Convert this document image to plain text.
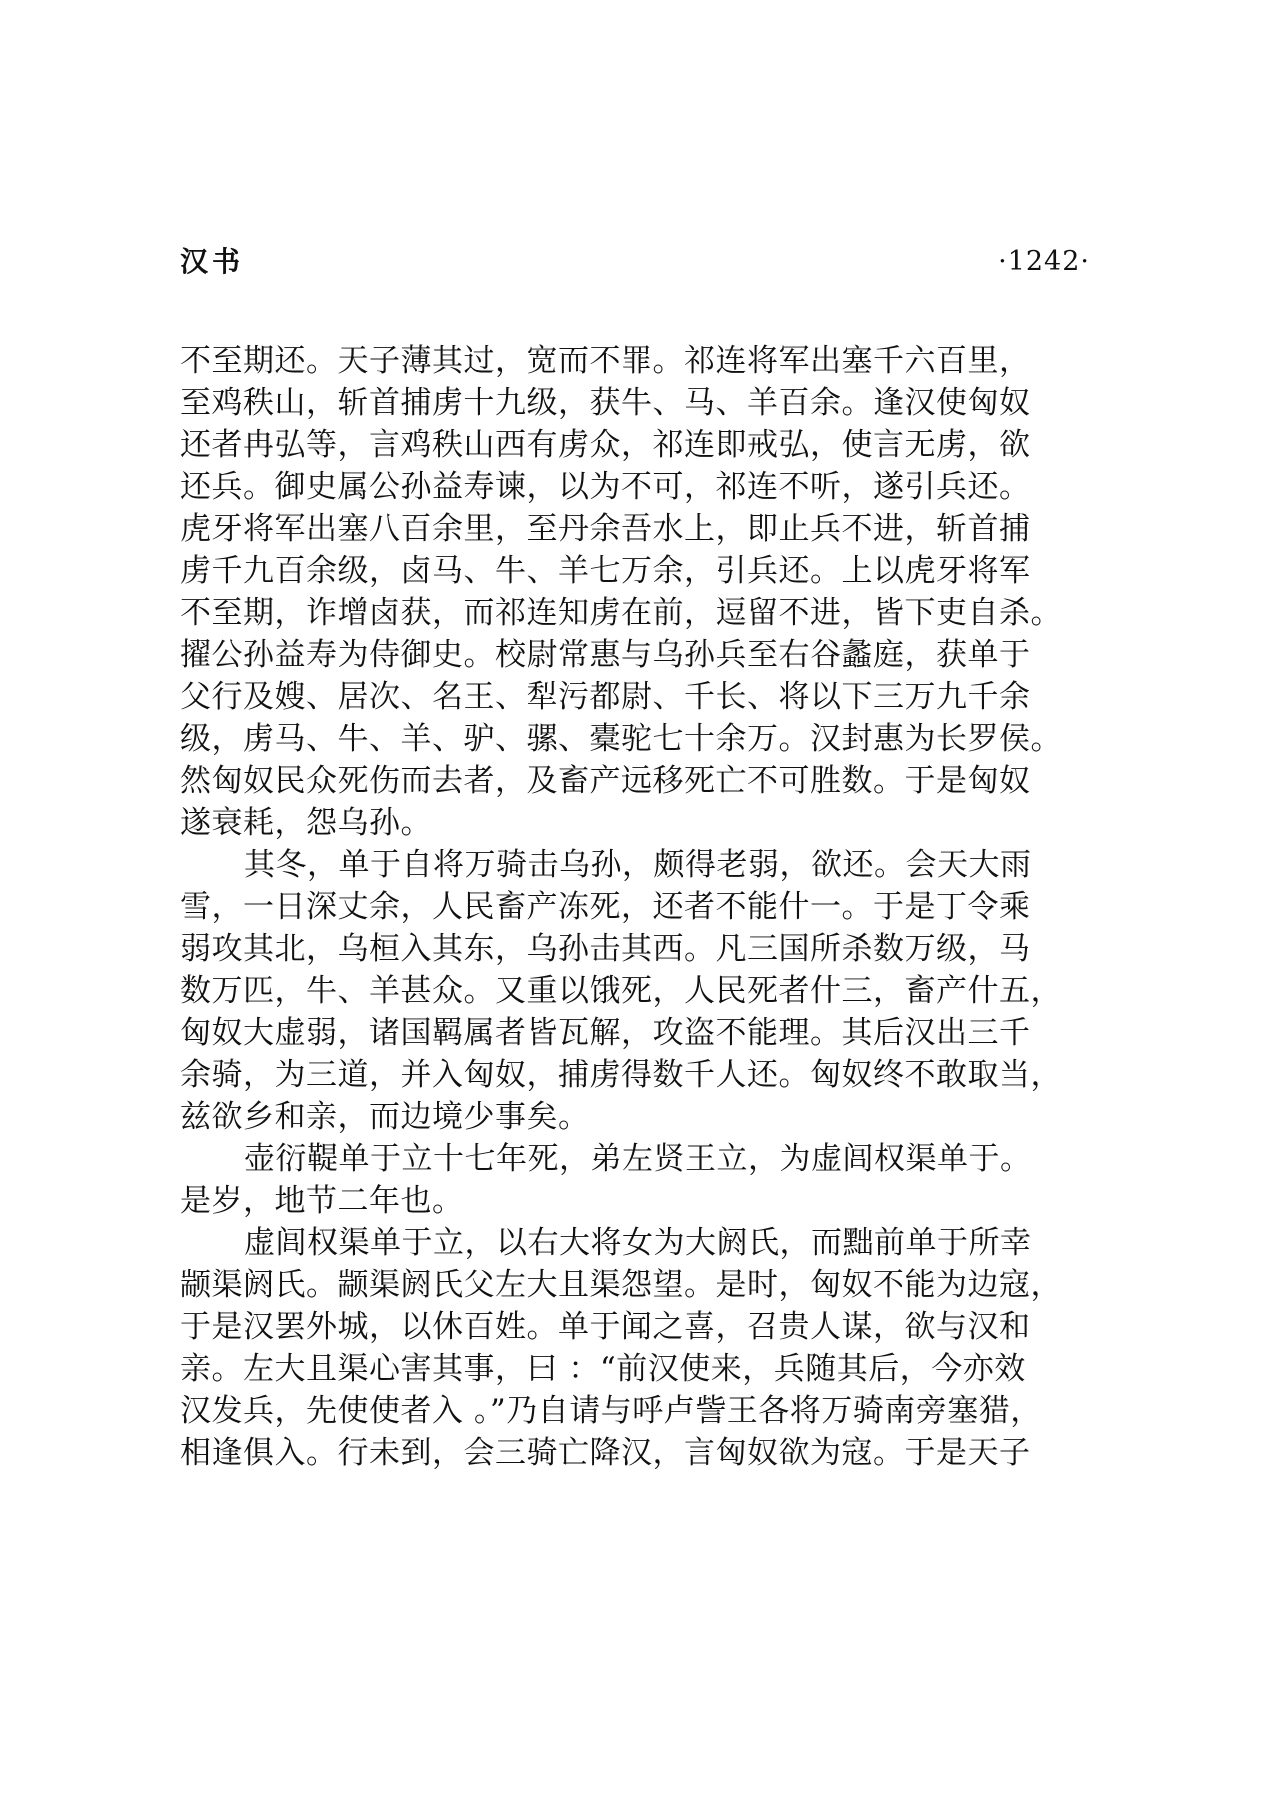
汉书	·1242·
不至期还。天子薄其过，宽而不罪。祁连将军出塞千六百里，
至鸡秩山，斩首捕虏十九级，获牛、马、羊百余。逢汉使匈奴
还者冉弘等，言鸡秩山西有虏众，祁连即戒弘，使言无虏，欲
还兵。御史属公孙益寿谏，以为不可，祁连不听，遂引兵还。
虎牙将军出塞八百余里，至丹余吾水上，即止兵不进，斩首捕
虏千九百余级，卤马、牛、羊七万余，引兵还。上以虎牙将军
不至期，诈增卤获，而祁连知虏在前，逗留不进，皆下吏自杀。
擢公孙益寿为侍御史。校尉常惠与乌孙兵至右谷蠡庭，获单于
父行及嫂、居次、名王、犁污都尉、千长、将以下三万九千余
级，虏马、牛、羊、驴、骡、橐驼七十余万。汉封惠为长罗侯。
然匈奴民众死伤而去者，及畜产远移死亡不可胜数。于是匈奴
遂衰耗，怨乌孙。
其冬，单于自将万骑击乌孙，颇得老弱，欲还。会天大雨
雪，一日深丈余，人民畜产冻死，还者不能什一。于是丁令乘
弱攻其北，乌桓入其东，乌孙击其西。凡三国所杀数万级，马
数万匹，牛、羊甚众。又重以饿死，人民死者什三，畜产什五，
匈奴大虚弱，诸国羁属者皆瓦解，攻盗不能理。其后汉出三千
余骑，为三道，并入匈奴，捕虏得数千人还。匈奴终不敢取当，
兹欲乡和亲，而边境少事矣。
壶衍鞮单于立十七年死，弟左贤王立，为虚闾权渠单于。
是岁，地节二年也。
虚闾权渠单于立，以右大将女为大阏氏，而黜前单于所幸
颛渠阏氏。颛渠阏氏父左大且渠怨望。是时，匈奴不能为边寇，
于是汉罢外城，以休百姓。单于闻之喜，召贵人谋，欲与汉和
亲。左大且渠心害其事，曰 ：“前汉使来，兵随其后，今亦效
汉发兵，先使使者入 。”乃自请与呼卢訾王各将万骑南旁塞猎，
相逢俱入。行未到，会三骑亡降汉，言匈奴欲为寇。于是天子
